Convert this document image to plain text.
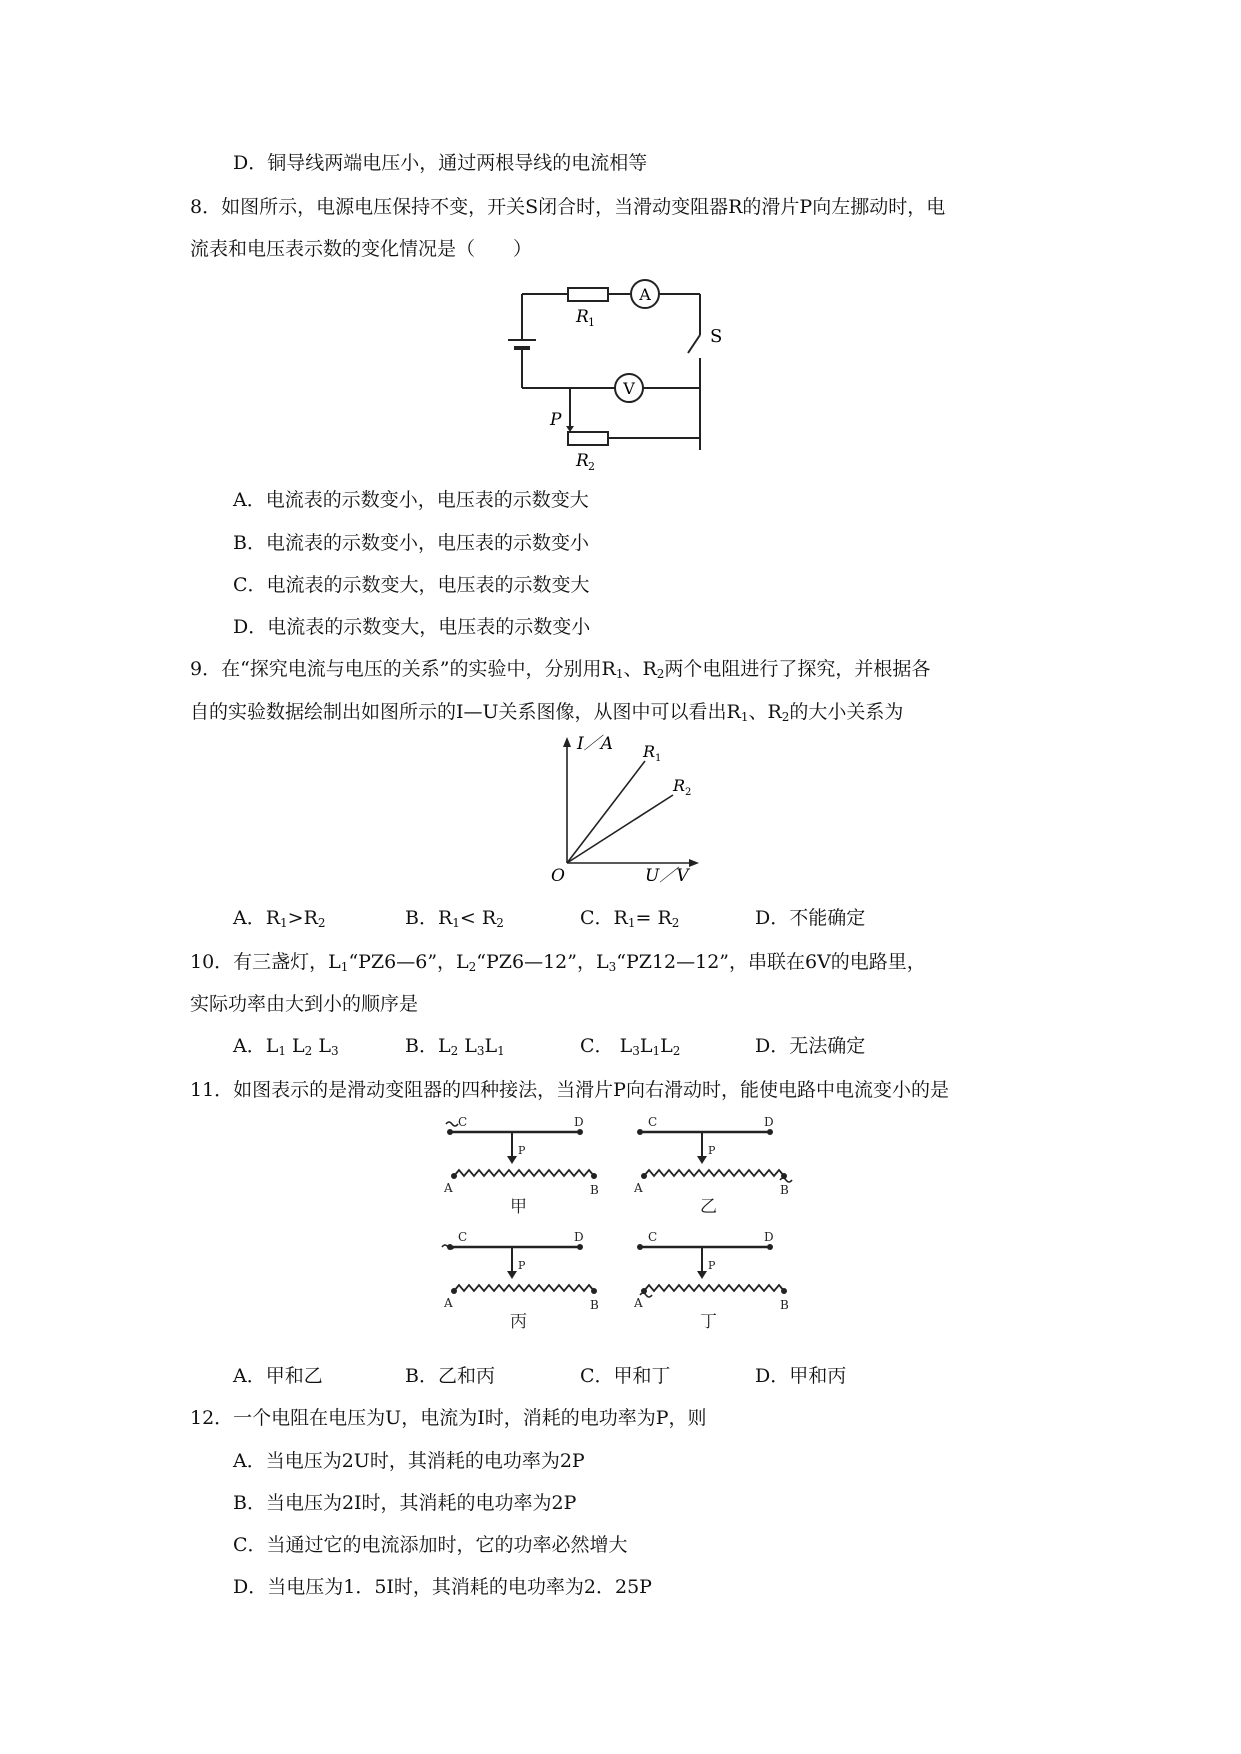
D．铜导线两端电压小，通过两根导线的电流相等
8．如图所示，电源电压保持不变，开关S闭合时，当滑动变阻器R的滑片P向左挪动时，电
流表和电压表示数的变化情况是（　　）
A
V
S
R 1
P
R 2
A．电流表的示数变小，电压表的示数变大
B．电流表的示数变小，电压表的示数变小
C．电流表的示数变大，电压表的示数变大
D．电流表的示数变大，电压表的示数变小
9．在“探究电流与电压的关系”的实验中，分别用$R_1$、$R_2$两个电阻进行了探究，并根据各
自的实验数据绘制出如图所示的I—U关系图像，从图中可以看出$R_1$、$R_2$的大小关系为
I／A
U／V
O
R 1
R 2
A．$R_1>R_2$	B．$R_1< R_2$	C．$R_1= R_2$	D．不能确定
10．有三盏灯，$L_1“PZ6—6$”，$L_2“PZ6—12$”，$L_3“PZ12—12$”，串联在6V的电路里，
实际功率由大到小的顺序是
A．$L_1$ $L_2$ $L_3$	B．$L_2$ $L_3L_1$	C． $L_3L_1L_2$	D．无法确定
11．如图表示的是滑动变阻器的四种接法，当滑片P向右滑动时，能使电路中电流变小的是
C	D
A	B
P
甲
C	D
A	B
P
乙
C	D
A	B
P
丙
C	D
A	B
P
丁
A．甲和乙	B．乙和丙	C．甲和丁	D．甲和丙
12．一个电阻在电压为U，电流为I时，消耗的电功率为P，则
A．当电压为2U时，其消耗的电功率为2P
B．当电压为2I时，其消耗的电功率为2P
C．当通过它的电流添加时，它的功率必然增大
D．当电压为1．5I时，其消耗的电功率为2．25P
